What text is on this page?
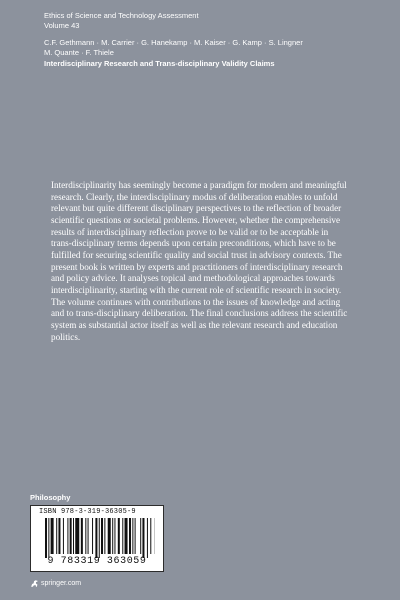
Ethics of Science and Technology Assessment

Volume 43

C.F. Gethmann · M. Carrier · G. Hanekamp · M. Kaiser · G. Kamp · S. Lingner

M. Quante · F. Thiele

Interdisciplinary Research and Trans-disciplinary Validity Claims

Interdisciplinarity has seemingly become a paradigm for modern and meaningful research. Clearly, the interdisciplinary modus of deliberation enables to unfold relevant but quite different disciplinary perspectives to the reflection of broader scientific questions or societal problems. However, whether the comprehensive results of interdisciplinary reflection prove to be valid or to be acceptable in trans-disciplinary terms depends upon certain preconditions, which have to be fulfilled for securing scientific quality and social trust in advisory contexts. The present book is written by experts and practitioners of interdisciplinary research and policy advice. It analyses topical and methodological approaches towards interdisciplinarity, starting with the current role of scientific research in society. The volume continues with contributions to the issues of knowledge and acting and to trans-disciplinary deliberation. The final conclusions address the scientific system as substantial actor itself as well as the relevant research and education politics.

Philosophy
ISBN 978-3-319-36305-9
9 783319 363059
springer.com
